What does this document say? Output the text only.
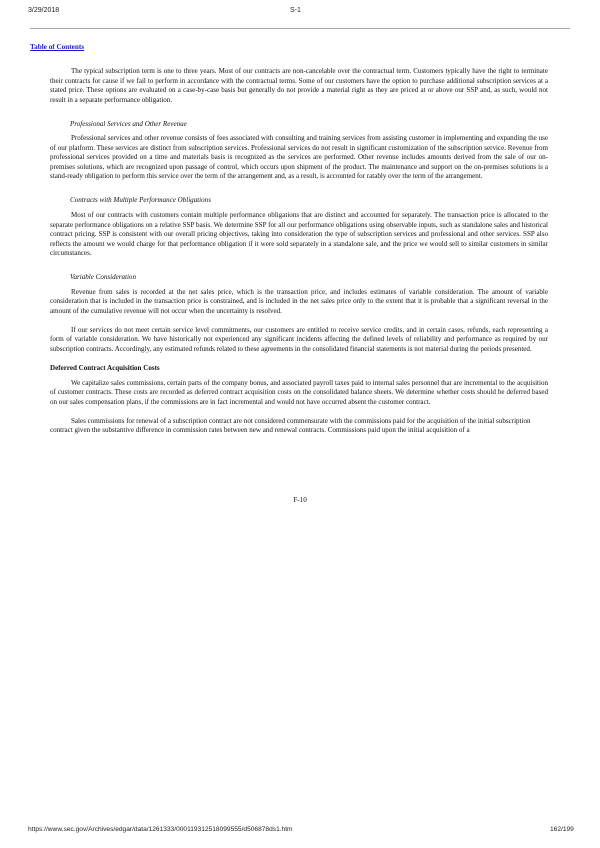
3/29/2018	S-1
Table of Contents

The typical subscription term is one to three years. Most of our contracts are non-cancelable over the contractual term. Customers typically have the right to terminate their contracts for cause if we fail to perform in accordance with the contractual terms. Some of our customers have the option to purchase additional subscription services at a stated price. These options are evaluated on a case-by-case basis but generally do not provide a material right as they are priced at or above our SSP and, as such, would not result in a separate performance obligation.

Professional Services and Other Revenue

Professional services and other revenue consists of fees associated with consulting and training services from assisting customer in implementing and expanding the use of our platform. These services are distinct from subscription services. Professional services do not result in significant customization of the subscription service. Revenue from professional services provided on a time and materials basis is recognized as the services are performed. Other revenue includes amounts derived from the sale of our on-premises solutions, which are recognized upon passage of control, which occurs upon shipment of the product. The maintenance and support on the on-premises solutions is a stand-ready obligation to perform this service over the term of the arrangement and, as a result, is accounted for ratably over the term of the arrangement.

Contracts with Multiple Performance Obligations

Most of our contracts with customers contain multiple performance obligations that are distinct and accounted for separately. The transaction price is allocated to the separate performance obligations on a relative SSP basis. We determine SSP for all our performance obligations using observable inputs, such as standalone sales and historical contract pricing. SSP is consistent with our overall pricing objectives, taking into consideration the type of subscription services and professional and other services. SSP also reflects the amount we would charge for that performance obligation if it were sold separately in a standalone sale, and the price we would sell to similar customers in similar circumstances.

Variable Consideration

Revenue from sales is recorded at the net sales price, which is the transaction price, and includes estimates of variable consideration. The amount of variable consideration that is included in the transaction price is constrained, and is included in the net sales price only to the extent that it is probable that a significant reversal in the amount of the cumulative revenue will not occur when the uncertainty is resolved.

If our services do not meet certain service level commitments, our customers are entitled to receive service credits, and in certain cases, refunds, each representing a form of variable consideration. We have historically not experienced any significant incidents affecting the defined levels of reliability and performance as required by our subscription contracts. Accordingly, any estimated refunds related to these agreements in the consolidated financial statements is not material during the periods presented.

Deferred Contract Acquisition Costs

We capitalize sales commissions, certain parts of the company bonus, and associated payroll taxes paid to internal sales personnel that are incremental to the acquisition of customer contracts. These costs are recorded as deferred contract acquisition costs on the consolidated balance sheets. We determine whether costs should be deferred based on our sales compensation plans, if the commissions are in fact incremental and would not have occurred absent the customer contract.

Sales commissions for renewal of a subscription contract are not considered commensurate with the commissions paid for the acquisition of the initial subscription contract given the substantive difference in commission rates between new and renewal contracts. Commissions paid upon the initial acquisition of a

F-10
https://www.sec.gov/Archives/edgar/data/1261333/000119312518099555/d506878ds1.htm	162/199
